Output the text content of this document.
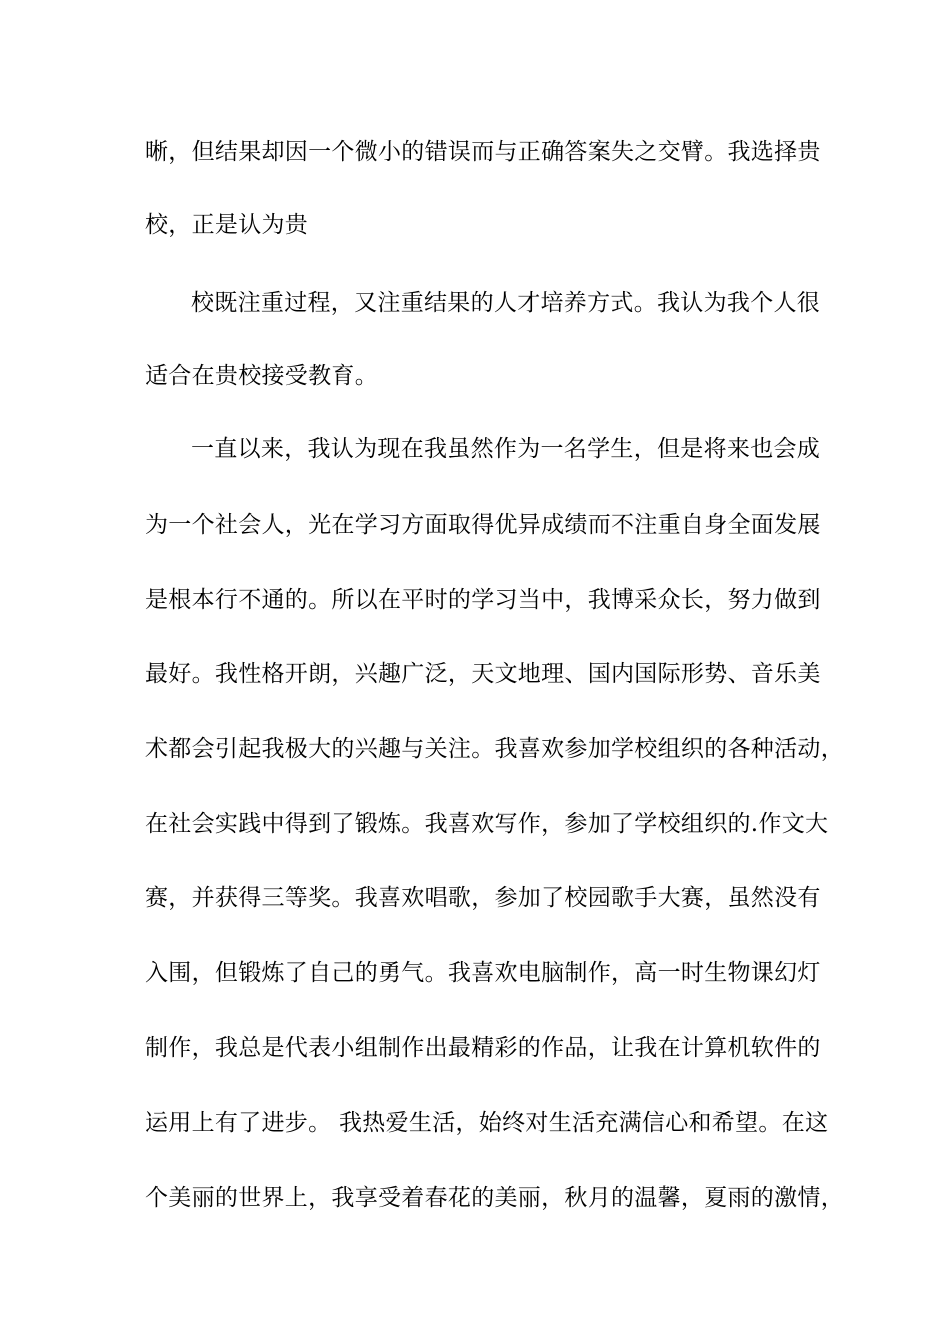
晰，但结果却因一个微小的错误而与正确答案失之交臂。我选择贵
校，正是认为贵
校既注重过程，又注重结果的人才培养方式。我认为我个人很
适合在贵校接受教育。
一直以来，我认为现在我虽然作为一名学生，但是将来也会成
为一个社会人，光在学习方面取得优异成绩而不注重自身全面发展
是根本行不通的。所以在平时的学习当中，我博采众长，努力做到
最好。我性格开朗，兴趣广泛，天文地理、国内国际形势、音乐美
术都会引起我极大的兴趣与关注。我喜欢参加学校组织的各种活动，
在社会实践中得到了锻炼。我喜欢写作，参加了学校组织的.作文大
赛，并获得三等奖。我喜欢唱歌，参加了校园歌手大赛，虽然没有
入围，但锻炼了自己的勇气。我喜欢电脑制作，高一时生物课幻灯
制作，我总是代表小组制作出最精彩的作品，让我在计算机软件的
运用上有了进步。 我热爱生活，始终对生活充满信心和希望。在这
个美丽的世界上，我享受着春花的美丽，秋月的温馨，夏雨的激情，
